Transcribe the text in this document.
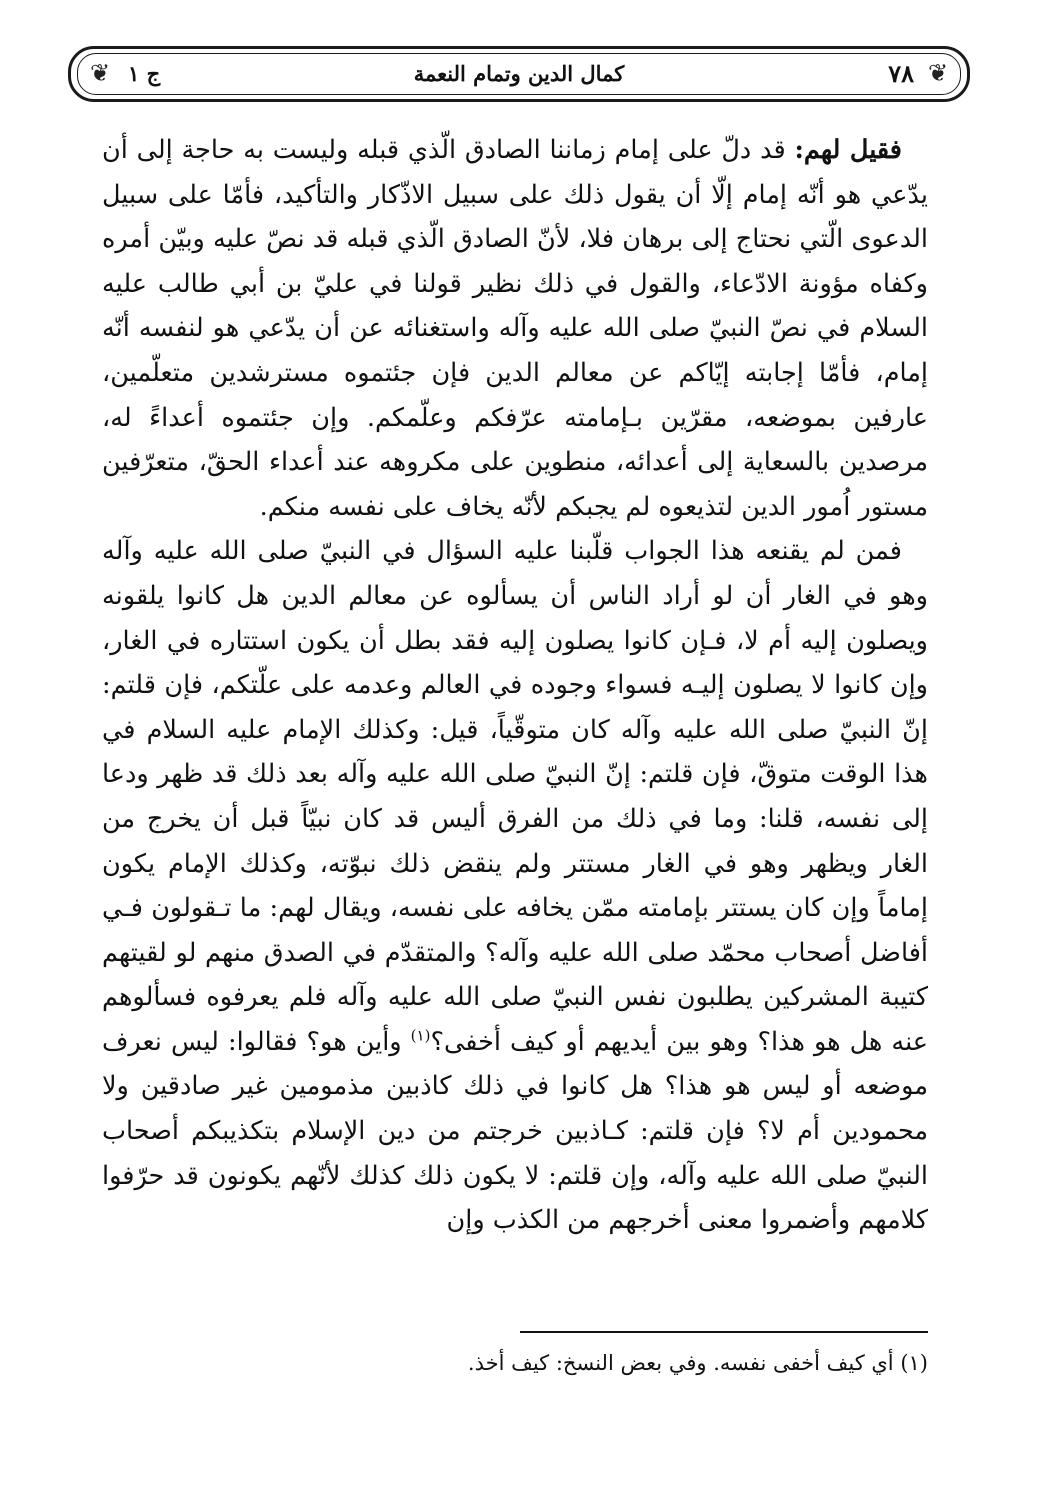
❦	❦
٧٨
كمال الدين وتمام النعمة
ج ١

فقيل لهم: قد دلّ على إمام زماننا الصادق الّذي قبله وليست به حاجة إلى أن يدّعي هو أنّه إمام إلّا أن يقول ذلك على سبيل الاذّكار والتأكيد، فأمّا على سبيل الدعوى الّتي نحتاج إلى برهان فلا، لأنّ الصادق الّذي قبله قد نصّ عليه وبيّن أمره وكفاه مؤونة الادّعاء، والقول في ذلك نظير قولنا في عليّ بن أبي طالب عليه السلام في نصّ النبيّ صلى الله عليه وآله واستغنائه عن أن يدّعي هو لنفسه أنّه إمام، فأمّا إجابته إيّاكم عن معالم الدين فإن جئتموه مسترشدين متعلّمين، عارفين بموضعه، مقرّين بـإمامته عرّفكم وعلّمكم. وإن جئتموه أعداءً له، مرصدين بالسعاية إلى أعدائه، منطوين على مكروهه عند أعداء الحقّ، متعرّفين مستور اُمور الدين لتذيعوه لم يجبكم لأنّه يخاف على نفسه منكم.

فمن لم يقنعه هذا الجواب قلّبنا عليه السؤال في النبيّ صلى الله عليه وآله وهو في الغار أن لو أراد الناس أن يسألوه عن معالم الدين هل كانوا يلقونه ويصلون إليه أم لا، فـإن كانوا يصلون إليه فقد بطل أن يكون استتاره في الغار، وإن كانوا لا يصلون إليـه فسواء وجوده في العالم وعدمه على علّتكم، فإن قلتم: إنّ النبيّ صلى الله عليه وآله كان متوقّياً، قيل: وكذلك الإمام عليه السلام في هذا الوقت متوقّ، فإن قلتم: إنّ النبيّ صلى الله عليه وآله بعد ذلك قد ظهر ودعا إلى نفسه، قلنا: وما في ذلك من الفرق أليس قد كان نبيّاً قبل أن يخرج من الغار ويظهر وهو في الغار مستتر ولم ينقض ذلك نبوّته، وكذلك الإمام يكون إماماً وإن كان يستتر بإمامته ممّن يخافه على نفسه، ويقال لهم: ما تـقولون فـي أفاضل أصحاب محمّد صلى الله عليه وآله؟ والمتقدّم في الصدق منهم لو لقيتهم كتيبة المشركين يطلبون نفس النبيّ صلى الله عليه وآله فلم يعرفوه فسألوهم عنه هل هو هذا؟ وهو بين أيديهم أو كيف أخفى؟$^{(١)}$ وأين هو؟ فقالوا: ليس نعرف موضعه أو ليس هو هذا؟ هل كانوا في ذلك كاذبين مذمومين غير صادقين ولا محمودين أم لا؟ فإن قلتم: كـاذبين خرجتم من دين الإسلام بتكذيبكم أصحاب النبيّ صلى الله عليه وآله، وإن قلتم: لا يكون ذلك كذلك لأنّهم يكونون قد حرّفوا كلامهم وأضمروا معنى أخرجهم من الكذب وإن

(١) أي كيف أخفى نفسه. وفي بعض النسخ: كيف أخذ.
